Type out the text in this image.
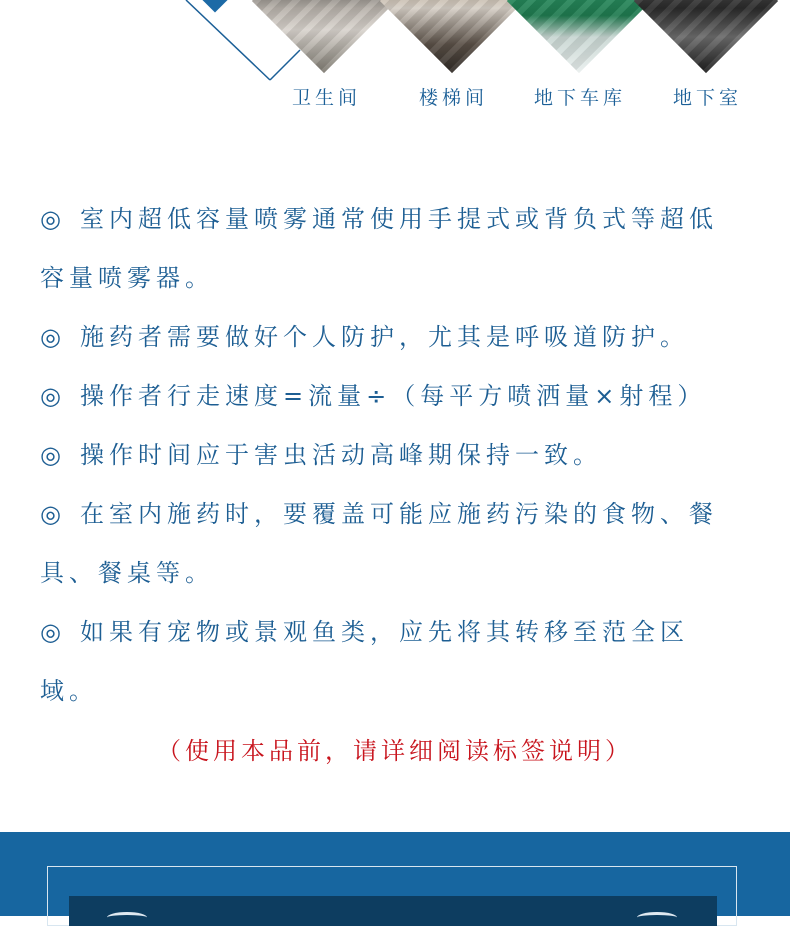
卫生间	楼梯间 地下车库 地下室
◎ 室内超低容量喷雾通常使用手提式或背负式等超低
容量喷雾器。
◎ 施药者需要做好个人防护，尤其是呼吸道防护。
◎ 操作者行走速度=流量÷（每平方喷洒量×射程）
◎ 操作时间应于害虫活动高峰期保持一致。
◎ 在室内施药时，要覆盖可能应施药污染的食物、餐
具、餐桌等。
◎ 如果有宠物或景观鱼类，应先将其转移至范全区
域。
（使用本品前，请详细阅读标签说明）
